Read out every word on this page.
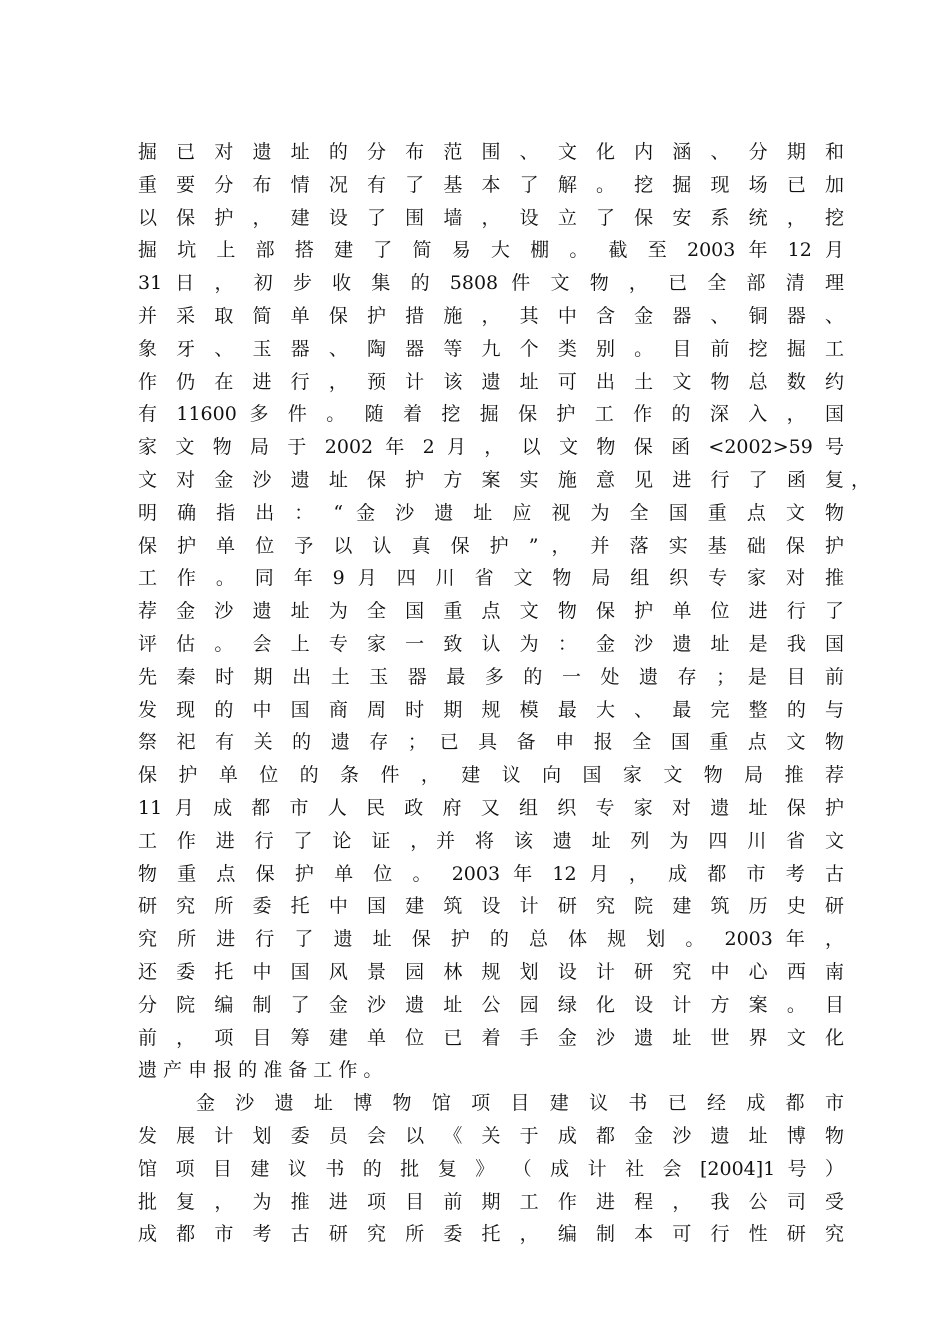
掘 已 对 遗 址 的 分 布 范 围 、 文 化 内 涵 、 分 期 和
重 要 分 布 情 况 有 了 基 本 了 解 。 挖 掘 现 场 已 加
以 保 护 ， 建 设 了 围 墙 ， 设 立 了 保 安 系 统 ， 挖
掘 坑 上 部 搭 建 了 简 易 大 棚 。 截 至 2003 年 12 月
31 日 ， 初 步 收 集 的 5808 件 文 物 ， 已 全 部 清 理
并 采 取 简 单 保 护 措 施 ， 其 中 含 金 器 、 铜 器 、
象 牙 、 玉 器 、 陶 器 等 九 个 类 别 。 目 前 挖 掘 工
作 仍 在 进 行 ， 预 计 该 遗 址 可 出 土 文 物 总 数 约
有 11600 多 件 。 随 着 挖 掘 保 护 工 作 的 深 入 ， 国
家 文 物 局 于 2002 年 2 月 ， 以 文 物 保 函 <2002>59 号
文 对 金 沙 遗 址 保 护 方 案 实 施 意 见 进 行 了 函 复 ，
明 确 指 出 ： “ 金 沙 遗 址 应 视 为 全 国 重 点 文 物
保 护 单 位 予 以 认 真 保 护 ” ， 并 落 实 基 础 保 护
工 作 。 同 年 9 月 四 川 省 文 物 局 组 织 专 家 对 推
荐 金 沙 遗 址 为 全 国 重 点 文 物 保 护 单 位 进 行 了
评 估 。 会 上 专 家 一 致 认 为 ： 金 沙 遗 址 是 我 国
先 秦 时 期 出 土 玉 器 最 多 的 一 处 遗 存 ； 是 目 前
发 现 的 中 国 商 周 时 期 规 模 最 大 、 最 完 整 的 与
祭 祀 有 关 的 遗 存 ； 已 具 备 申 报 全 国 重 点 文 物
保 护 单 位 的 条 件 ， 建 议 向 国 家 文 物 局 推 荐
11 月 成 都 市 人 民 政 府 又 组 织 专 家 对 遗 址 保 护
工 作 进 行 了 论 证 ，并 将 该 遗 址 列 为 四 川 省 文
物 重 点 保 护 单 位 。 2003 年 12 月 ， 成 都 市 考 古
研 究 所 委 托 中 国 建 筑 设 计 研 究 院 建 筑 历 史 研
究 所 进 行 了 遗 址 保 护 的 总 体 规 划 。 2003 年 ，
还 委 托 中 国 风 景 园 林 规 划 设 计 研 究 中 心 西 南
分 院 编 制 了 金 沙 遗 址 公 园 绿 化 设 计 方 案 。 目
前 ， 项 目 筹 建 单 位 已 着 手 金 沙 遗 址 世 界 文 化
遗 产 申 报 的 准 备 工 作 。
金 沙 遗 址 博 物 馆 项 目 建 议 书 已 经 成 都 市
发 展 计 划 委 员 会 以 《 关 于 成 都 金 沙 遗 址 博 物
馆 项 目 建 议 书 的 批 复 》 （ 成 计 社 会 [2004]1 号 ）
批 复 ， 为 推 进 项 目 前 期 工 作 进 程 ， 我 公 司 受
成 都 市 考 古 研 究 所 委 托 ， 编 制 本 可 行 性 研 究
